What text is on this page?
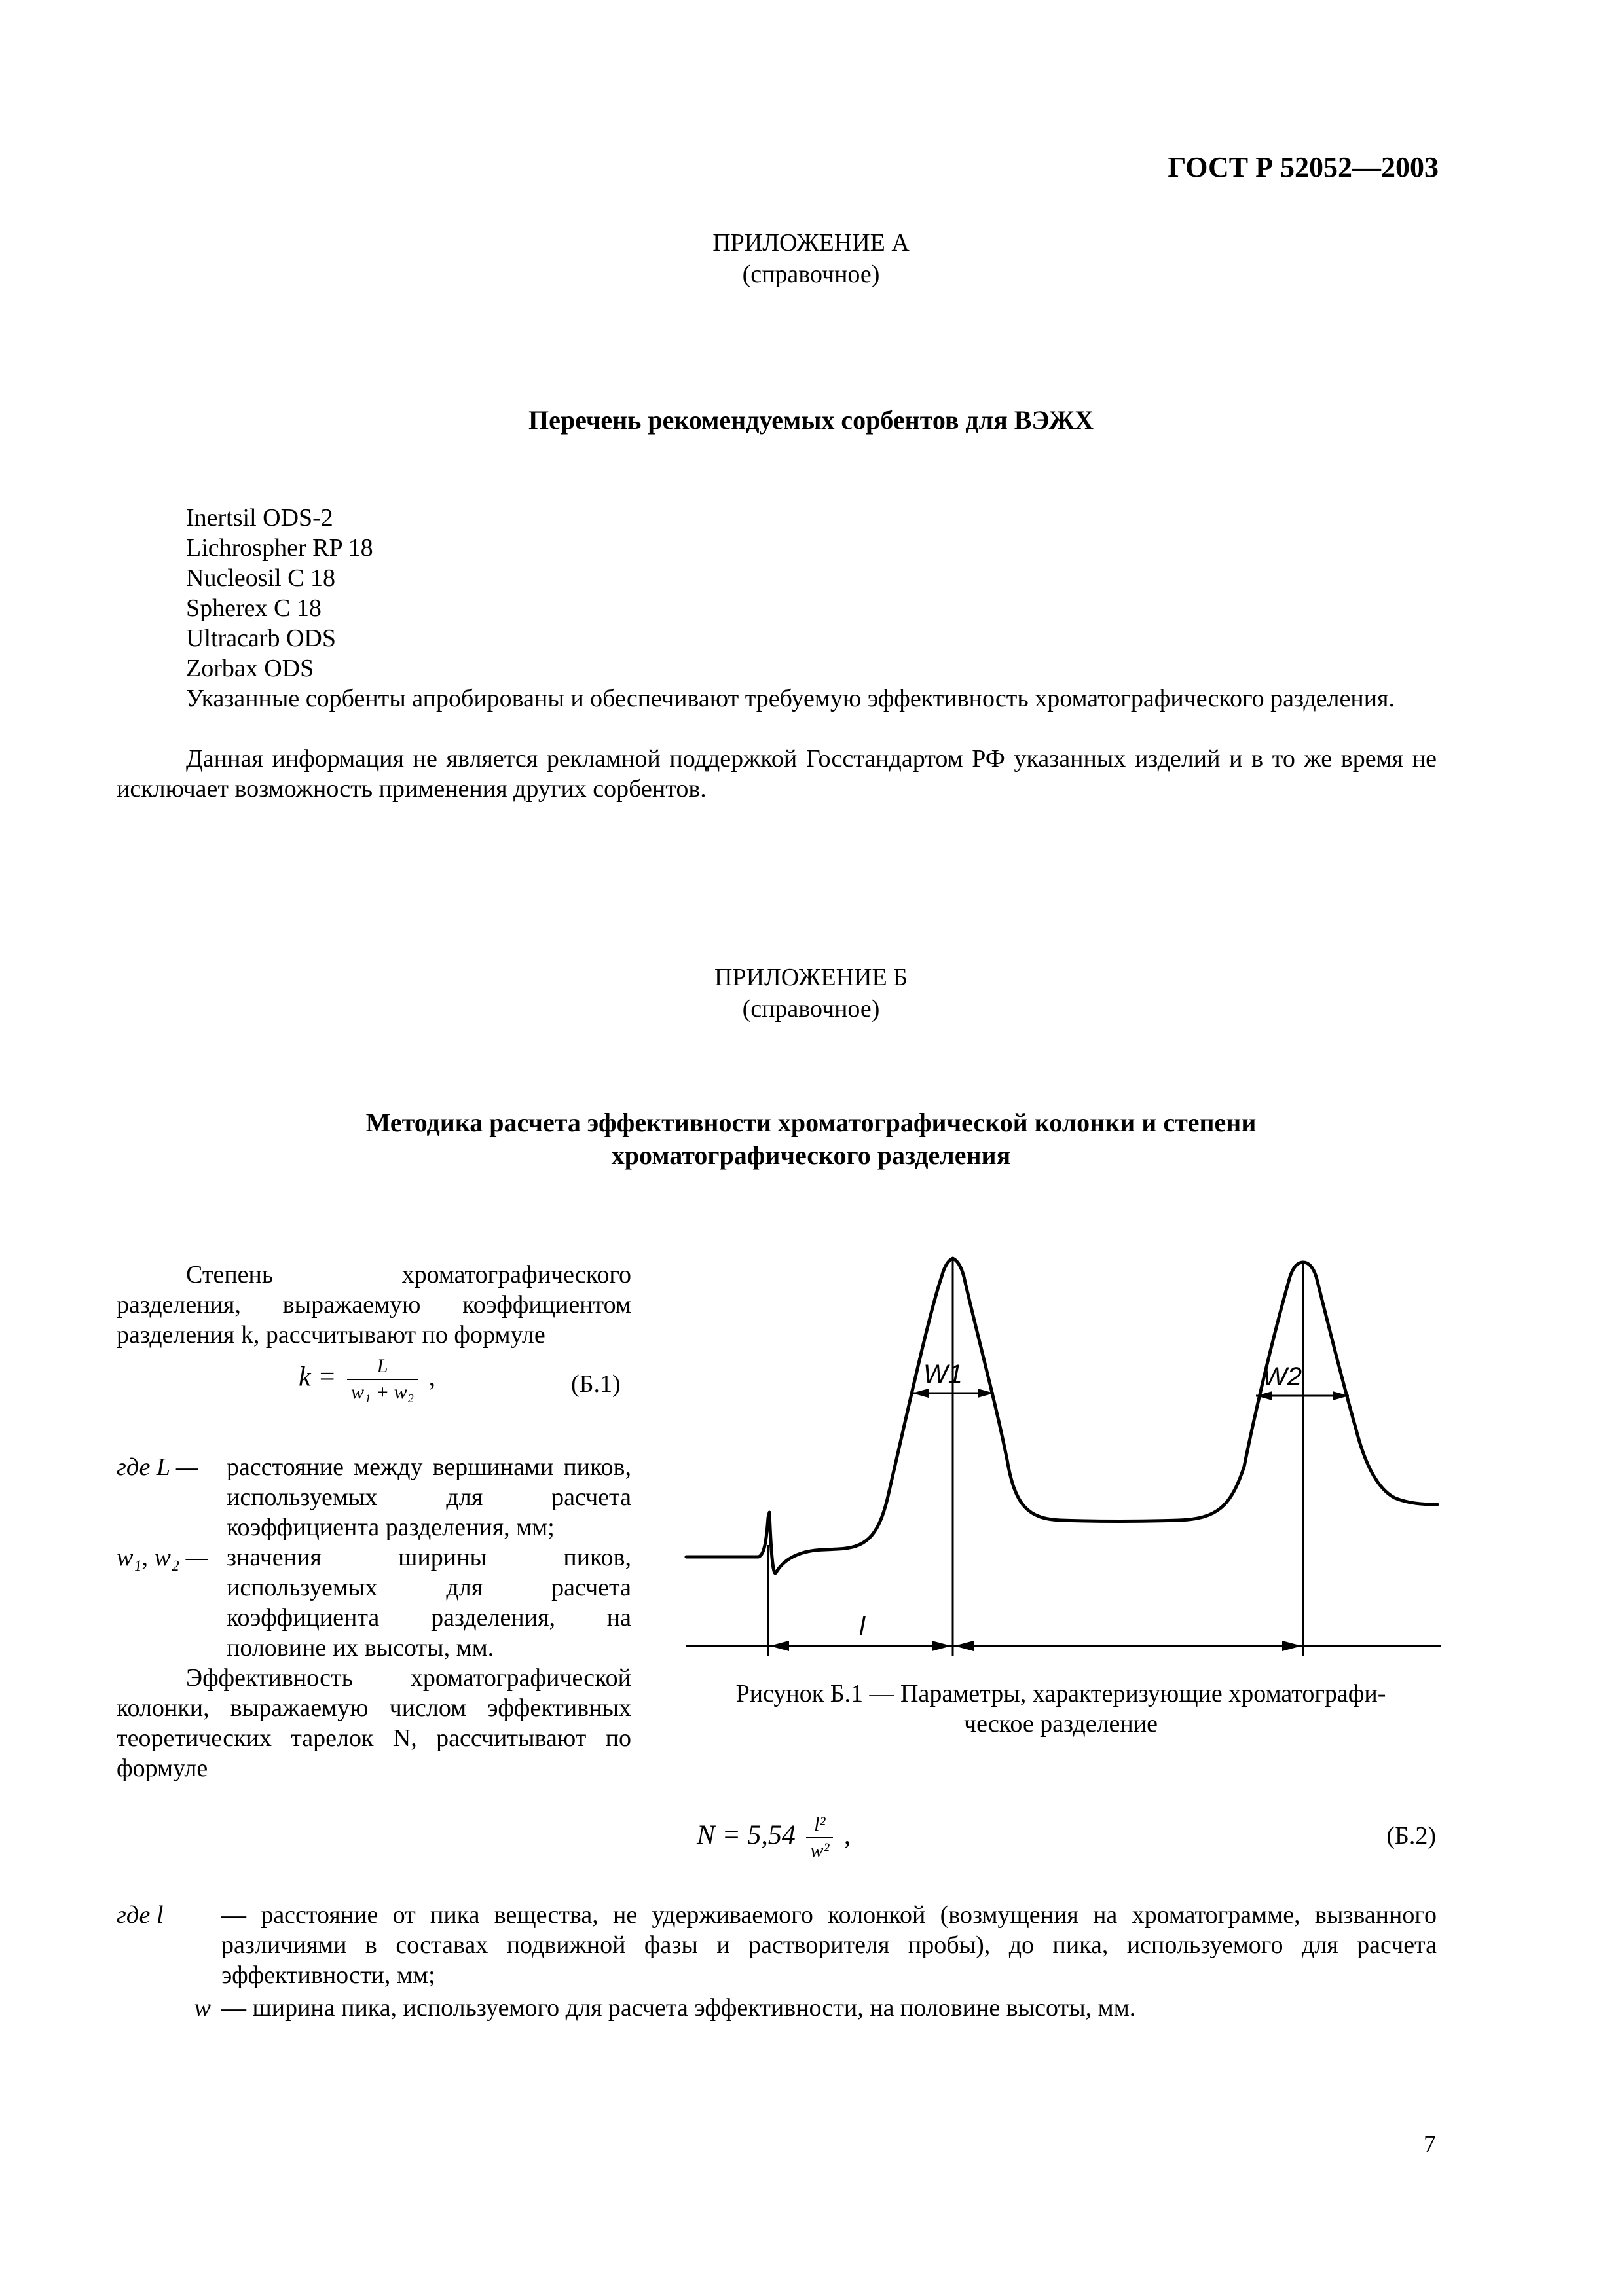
ГОСТ Р 52052—2003
ПРИЛОЖЕНИЕ А
(справочное)
Перечень рекомендуемых сорбентов для ВЭЖХ
Inertsil ODS-2
Lichrospher RP 18
Nucleosil C 18
Spherex C 18
Ultracarb ODS
Zorbax ODS
Указанные сорбенты апробированы и обеспечивают требуемую эффективность хроматографического разделения.
Данная информация не является рекламной поддержкой Госстандартом РФ указанных изделий и в то же время не исключает возможность применения других сорбентов.
ПРИЛОЖЕНИЕ Б
(справочное)
Методика расчета эффективности хроматографической колонки и степени
хроматографического разделения
Степень хроматографического разделения, выражаемую коэффициентом разделения k, рассчитывают по формуле
$k = \frac{L}{\text{w₁ + w₂}}$ ,	(Б.1)
где L —	расстояние между вершинами пиков, используемых для расчета коэффициента разделения, мм;
w₁, w₂ — значения ширины пиков, используемых для расчета коэффициента разделения, на половине их высоты, мм.
Эффективность хроматографической колонки, выражаемую числом эффективных теоретических тарелок N, рассчитывают по формуле
W1	W2
l
Рисунок Б.1 — Параметры, характеризующие хроматографи-
ческое разделение
$N = 5,54 \frac{\text{l²}}{\text{w²}}$ ,	(Б.2)
где l	— расстояние от пика вещества, не удерживаемого колонкой (возмущения на хроматограмме, вызванного различиями в составах подвижной фазы и растворителя пробы), до пика, используемого для расчета эффективности, мм;
w — ширина пика, используемого для расчета эффективности, на половине высоты, мм.
7
